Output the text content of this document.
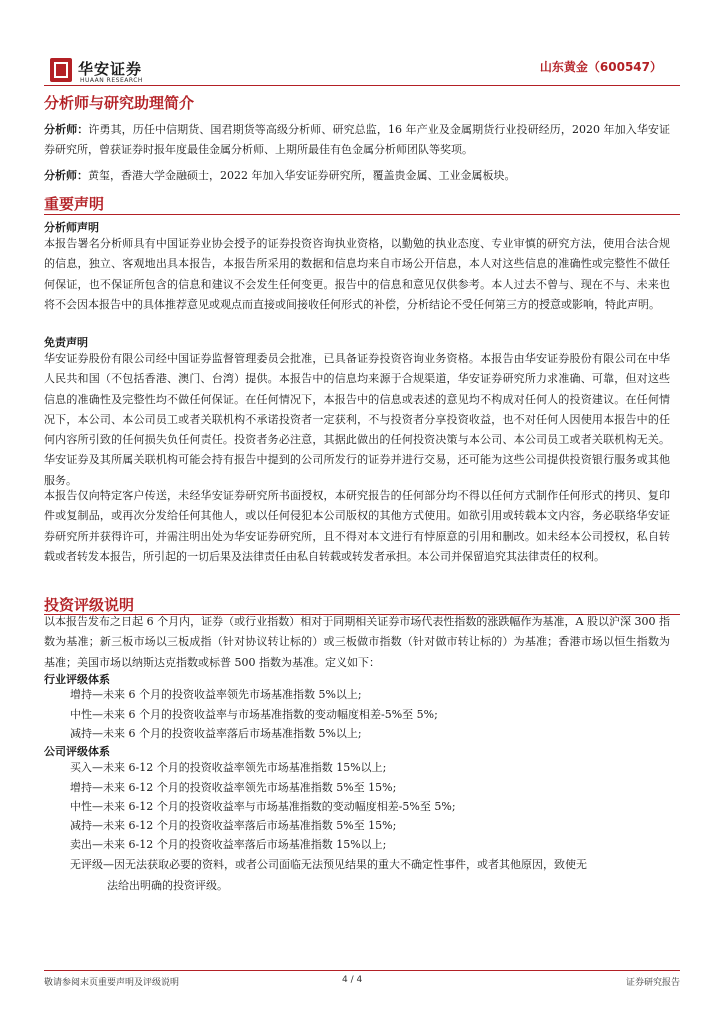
华安证券
HUAAN RESEARCH
山东黄金（600547）
分析师与研究助理简介
分析师：许勇其，历任中信期货、国君期货等高级分析师、研究总监，16 年产业及金属期货行业投研经历，2020 年加入华安证券研究所，曾获证券时报年度最佳金属分析师、上期所最佳有色金属分析师团队等奖项。
分析师：黄玺，香港大学金融硕士，2022 年加入华安证券研究所，覆盖贵金属、工业金属板块。
重要声明
分析师声明
本报告署名分析师具有中国证券业协会授予的证券投资咨询执业资格，以勤勉的执业态度、专业审慎的研究方法，使用合法合规的信息，独立、客观地出具本报告，本报告所采用的数据和信息均来自市场公开信息，本人对这些信息的准确性或完整性不做任何保证，也不保证所包含的信息和建议不会发生任何变更。报告中的信息和意见仅供参考。本人过去不曾与、现在不与、未来也将不会因本报告中的具体推荐意见或观点而直接或间接收任何形式的补偿，分析结论不受任何第三方的授意或影响，特此声明。
免责声明
华安证券股份有限公司经中国证券监督管理委员会批准，已具备证券投资咨询业务资格。本报告由华安证券股份有限公司在中华人民共和国（不包括香港、澳门、台湾）提供。本报告中的信息均来源于合规渠道，华安证券研究所力求准确、可靠，但对这些信息的准确性及完整性均不做任何保证。在任何情况下，本报告中的信息或表述的意见均不构成对任何人的投资建议。在任何情况下，本公司、本公司员工或者关联机构不承诺投资者一定获利，不与投资者分享投资收益，也不对任何人因使用本报告中的任何内容所引致的任何损失负任何责任。投资者务必注意，其据此做出的任何投资决策与本公司、本公司员工或者关联机构无关。华安证券及其所属关联机构可能会持有报告中提到的公司所发行的证券并进行交易，还可能为这些公司提供投资银行服务或其他服务。
本报告仅向特定客户传送，未经华安证券研究所书面授权，本研究报告的任何部分均不得以任何方式制作任何形式的拷贝、复印件或复制品，或再次分发给任何其他人，或以任何侵犯本公司版权的其他方式使用。如欲引用或转载本文内容，务必联络华安证券研究所并获得许可，并需注明出处为华安证券研究所，且不得对本文进行有悖原意的引用和删改。如未经本公司授权，私自转载或者转发本报告，所引起的一切后果及法律责任由私自转载或转发者承担。本公司并保留追究其法律责任的权利。
投资评级说明
以本报告发布之日起 6 个月内，证券（或行业指数）相对于同期相关证券市场代表性指数的涨跌幅作为基准，A 股以沪深 300 指数为基准；新三板市场以三板成指（针对协议转让标的）或三板做市指数（针对做市转让标的）为基准；香港市场以恒生指数为基准；美国市场以纳斯达克指数或标普 500 指数为基准。定义如下：
行业评级体系
增持—未来 6 个月的投资收益率领先市场基准指数 5%以上;
中性—未来 6 个月的投资收益率与市场基准指数的变动幅度相差-5%至 5%;
减持—未来 6 个月的投资收益率落后市场基准指数 5%以上;
公司评级体系
买入—未来 6-12 个月的投资收益率领先市场基准指数 15%以上;
增持—未来 6-12 个月的投资收益率领先市场基准指数 5%至 15%;
中性—未来 6-12 个月的投资收益率与市场基准指数的变动幅度相差-5%至 5%;
减持—未来 6-12 个月的投资收益率落后市场基准指数 5%至 15%;
卖出—未来 6-12 个月的投资收益率落后市场基准指数 15%以上;
无评级—因无法获取必要的资料，或者公司面临无法预见结果的重大不确定性事件，或者其他原因，致使无
法给出明确的投资评级。
敬请参阅末页重要声明及评级说明	4 / 4	证券研究报告
